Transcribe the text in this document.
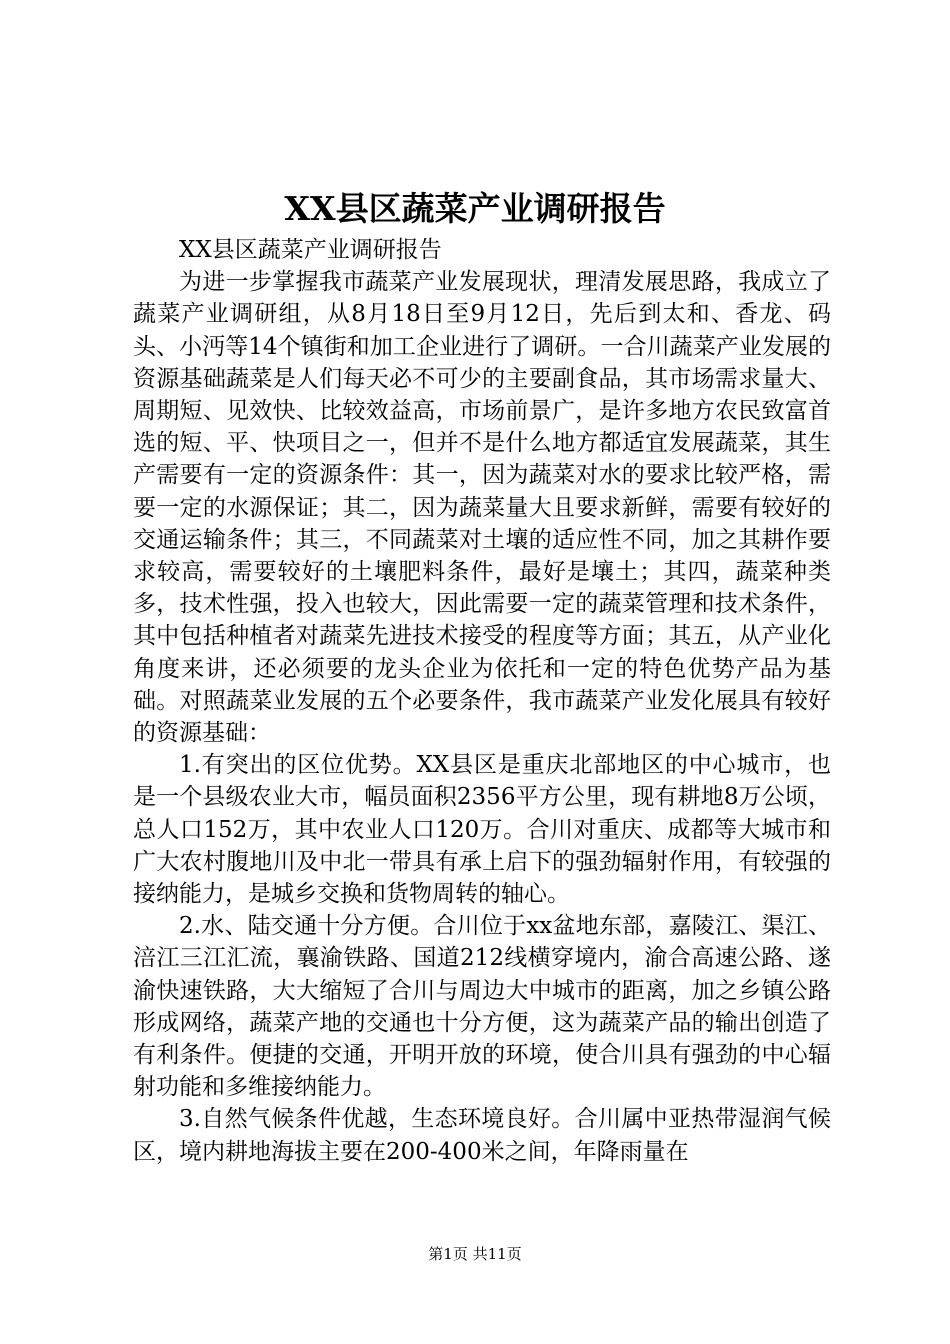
XX县区蔬菜产业调研报告

XX县区蔬菜产业调研报告

为进一步掌握我市蔬菜产业发展现状，理清发展思路，我成立了蔬菜产业调研组，从8月18日至9月12日，先后到太和、香龙、码头、小沔等14个镇街和加工企业进行了调研。一合川蔬菜产业发展的资源基础蔬菜是人们每天必不可少的主要副食品，其市场需求量大、周期短、见效快、比较效益高，市场前景广，是许多地方农民致富首选的短、平、快项目之一，但并不是什么地方都适宜发展蔬菜，其生产需要有一定的资源条件：其一，因为蔬菜对水的要求比较严格，需要一定的水源保证；其二，因为蔬菜量大且要求新鲜，需要有较好的交通运输条件；其三，不同蔬菜对土壤的适应性不同，加之其耕作要求较高，需要较好的土壤肥料条件，最好是壤土；其四，蔬菜种类多，技术性强，投入也较大，因此需要一定的蔬菜管理和技术条件，其中包括种植者对蔬菜先进技术接受的程度等方面；其五，从产业化角度来讲，还必须要的龙头企业为依托和一定的特色优势产品为基础。对照蔬菜业发展的五个必要条件，我市蔬菜产业发化展具有较好的资源基础：

1.有突出的区位优势。XX县区是重庆北部地区的中心城市，也是一个县级农业大市，幅员面积2356平方公里，现有耕地8万公顷，总人口152万，其中农业人口120万。合川对重庆、成都等大城市和广大农村腹地川及中北一带具有承上启下的强劲辐射作用，有较强的接纳能力，是城乡交换和货物周转的轴心。

2.水、陆交通十分方便。合川位于xx盆地东部，嘉陵江、渠江、涪江三江汇流，襄渝铁路、国道212线横穿境内，渝合高速公路、遂渝快速铁路，大大缩短了合川与周边大中城市的距离，加之乡镇公路形成网络，蔬菜产地的交通也十分方便，这为蔬菜产品的输出创造了有利条件。便捷的交通，开明开放的环境，使合川具有强劲的中心辐射功能和多维接纳能力。

3.自然气候条件优越，生态环境良好。合川属中亚热带湿润气候区，境内耕地海拔主要在200-400米之间，年降雨量在

第1页 共11页
